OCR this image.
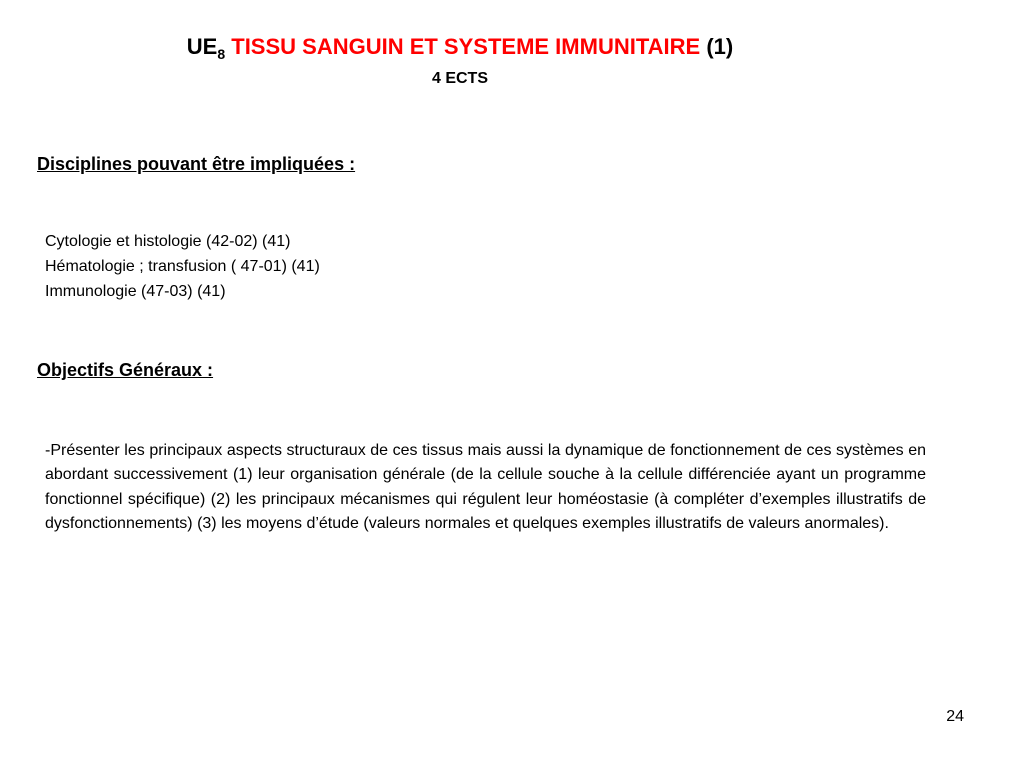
$UE_8$ TISSU SANGUIN ET SYSTEME IMMUNITAIRE (1)
4 ECTS
Disciplines pouvant être impliquées :
Cytologie et histologie (42-02) (41)
Hématologie ; transfusion ( 47-01) (41)
Immunologie (47-03) (41)
Objectifs Généraux :

-Présenter les principaux aspects structuraux de ces tissus mais aussi la dynamique de fonctionnement de ces systèmes en abordant successivement (1) leur organisation générale (de la cellule souche à la cellule différenciée ayant un programme fonctionnel spécifique) (2) les principaux mécanismes qui régulent leur homéostasie (à compléter d’exemples illustratifs de dysfonctionnements) (3) les moyens d’étude (valeurs normales et quelques exemples illustratifs de valeurs anormales).

24
